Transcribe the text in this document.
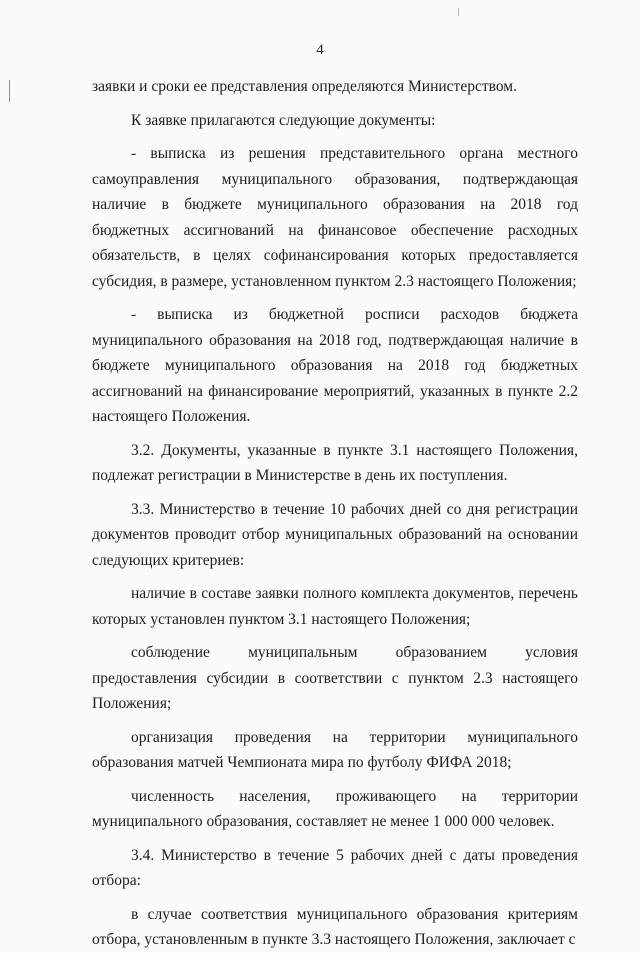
4

заявки и сроки ее представления определяются Министерством.

К заявке прилагаются следующие документы:

- выписка из решения представительного органа местного самоуправления муниципального образования, подтверждающая наличие в бюджете муниципального образования на 2018 год бюджетных ассигнований на финансовое обеспечение расходных обязательств, в целях софинансирования которых предоставляется субсидия, в размере, установленном пунктом 2.3 настоящего Положения;

- выписка из бюджетной росписи расходов бюджета муниципального образования на 2018 год, подтверждающая наличие в бюджете муниципального образования на 2018 год бюджетных ассигнований на финансирование мероприятий, указанных в пункте 2.2 настоящего Положения.

3.2. Документы, указанные в пункте 3.1 настоящего Положения, подлежат регистрации в Министерстве в день их поступления.

3.3. Министерство в течение 10 рабочих дней со дня регистрации документов проводит отбор муниципальных образований на основании следующих критериев:

наличие в составе заявки полного комплекта документов, перечень которых установлен пунктом 3.1 настоящего Положения;

соблюдение муниципальным образованием условия предоставления субсидии в соответствии с пунктом 2.3 настоящего Положения;

организация проведения на территории муниципального образования матчей Чемпионата мира по футболу ФИФА 2018;

численность населения, проживающего на территории муниципального образования, составляет не менее 1 000 000 человек.

3.4. Министерство в течение 5 рабочих дней с даты проведения отбора:

в случае соответствия муниципального образования критериям отбора, установленным в пункте 3.3 настоящего Положения, заключает с
